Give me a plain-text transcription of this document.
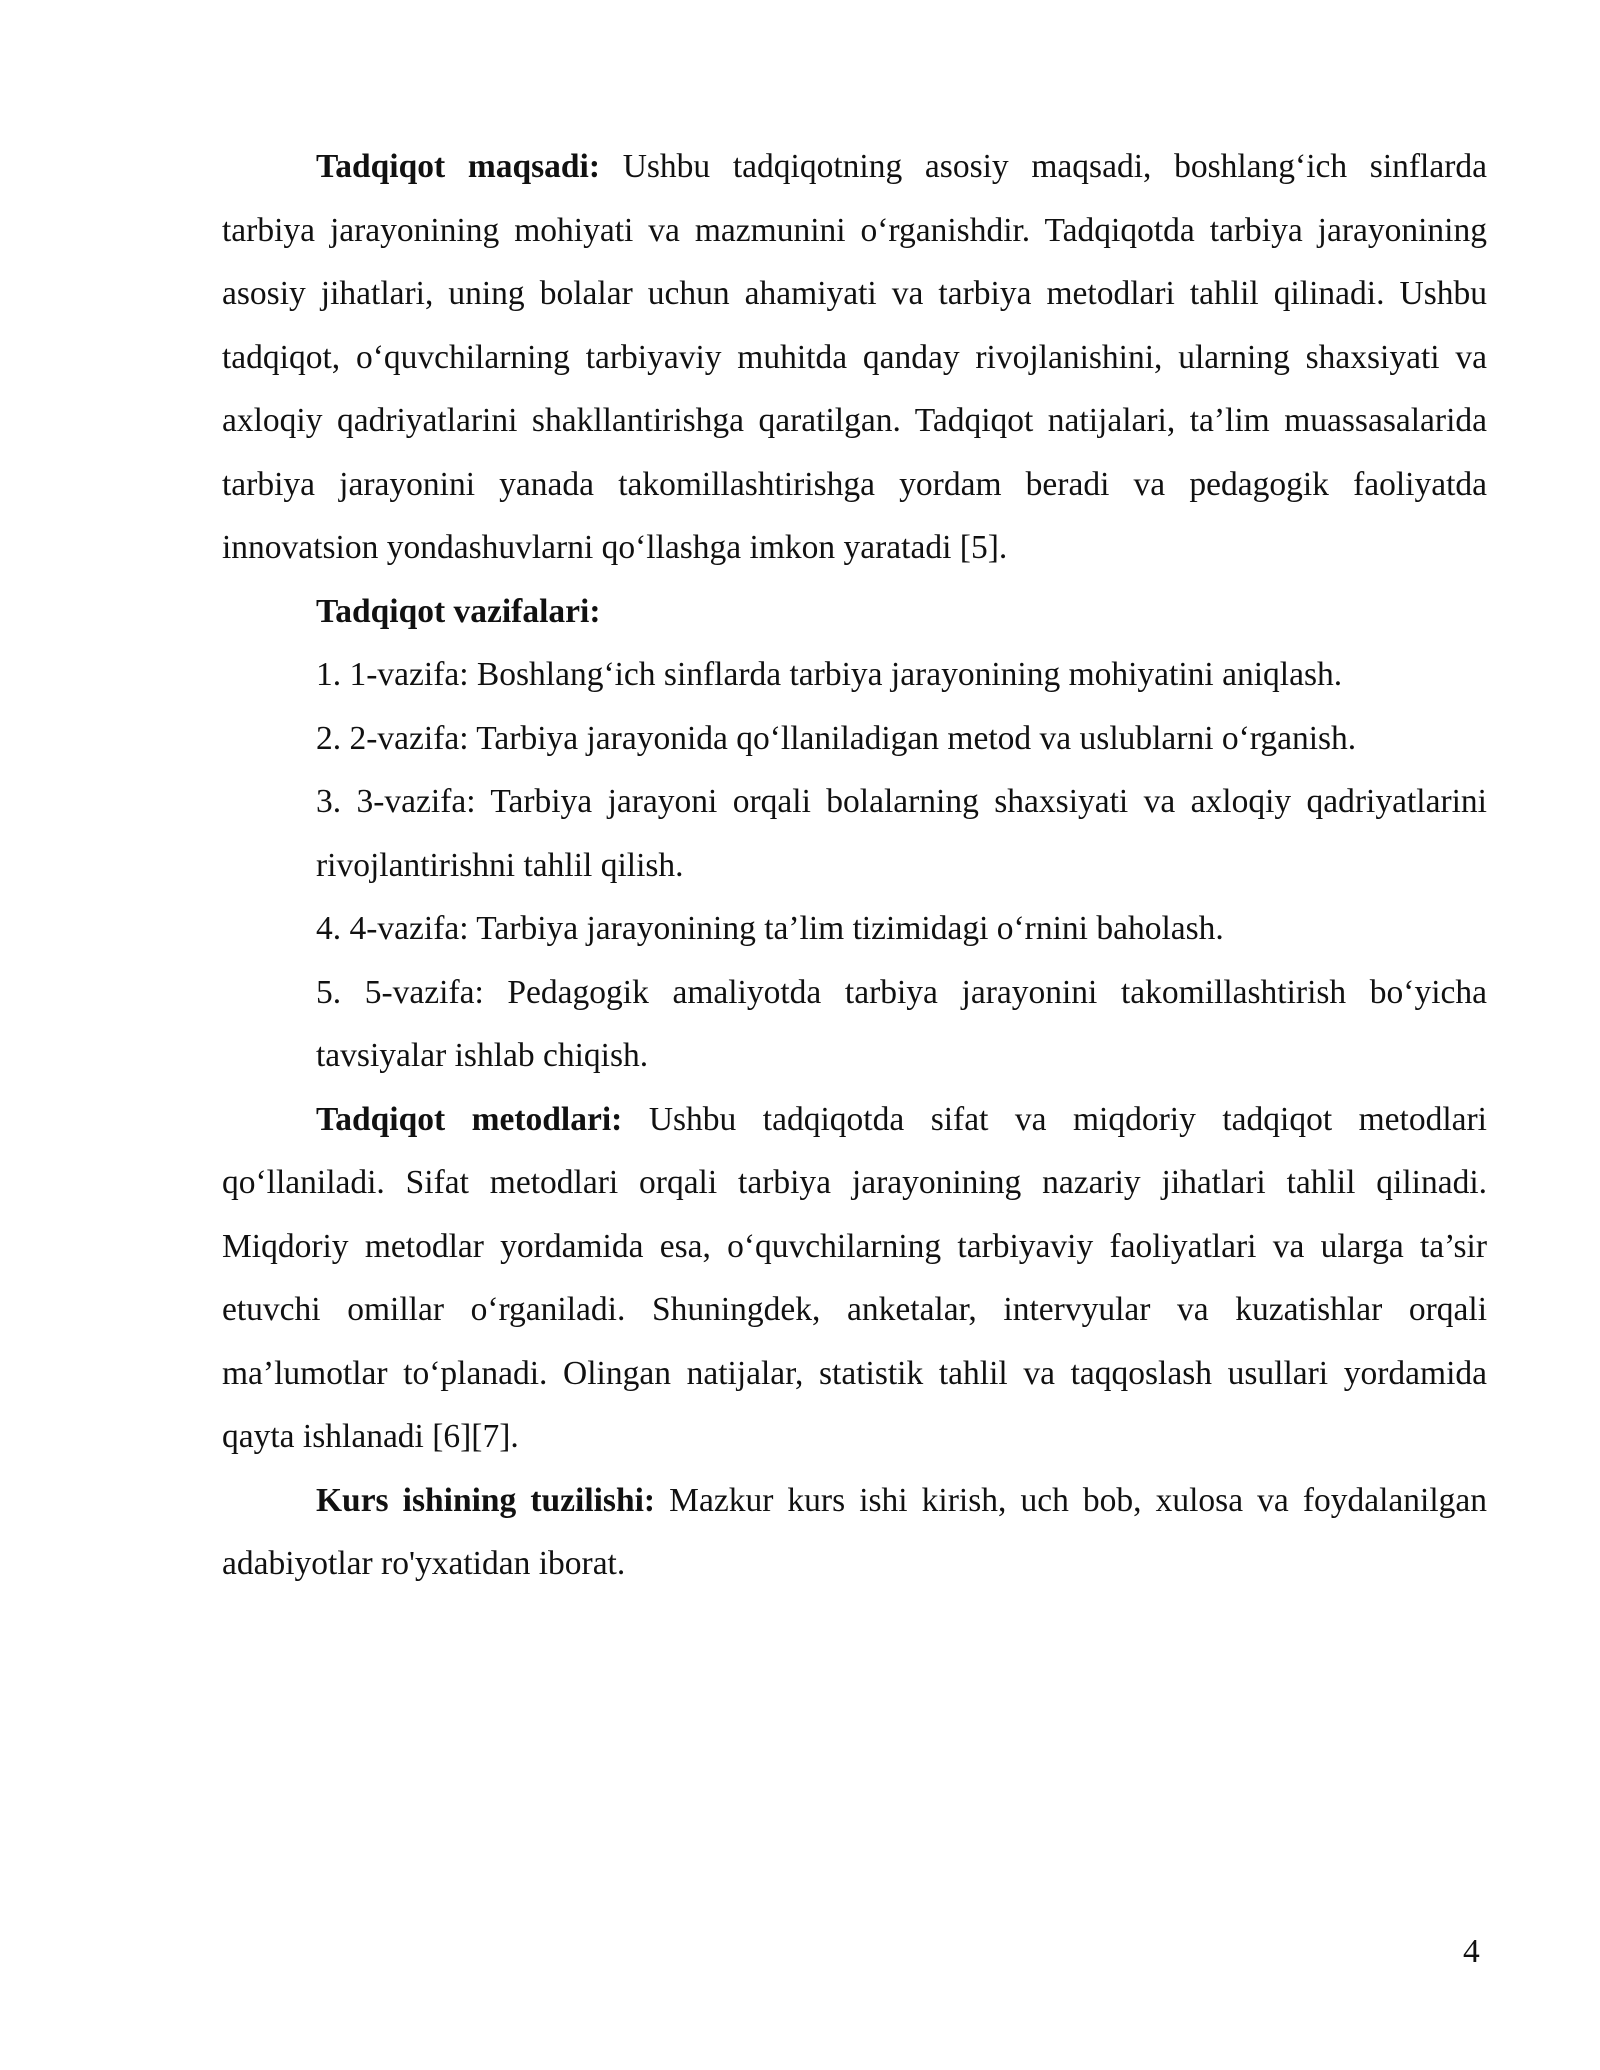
Tadqiqot maqsadi: Ushbu tadqiqotning asosiy maqsadi, boshlang‘ich sinflarda tarbiya jarayonining mohiyati va mazmunini o‘rganishdir. Tadqiqotda tarbiya jarayonining asosiy jihatlari, uning bolalar uchun ahamiyati va tarbiya metodlari tahlil qilinadi. Ushbu tadqiqot, o‘quvchilarning tarbiyaviy muhitda qanday rivojlanishini, ularning shaxsiyati va axloqiy qadriyatlarini shakllantirishga qaratilgan. Tadqiqot natijalari, ta’lim muassasalarida tarbiya jarayonini yanada takomillashtirishga yordam beradi va pedagogik faoliyatda innovatsion yondashuvlarni qo‘llashga imkon yaratadi [5].

Tadqiqot vazifalari:

1. 1-vazifa: Boshlang‘ich sinflarda tarbiya jarayonining mohiyatini aniqlash.

2. 2-vazifa: Tarbiya jarayonida qo‘llaniladigan metod va uslublarni o‘rganish.

3. 3-vazifa: Tarbiya jarayoni orqali bolalarning shaxsiyati va axloqiy qadriyatlarini rivojlantirishni tahlil qilish.

4. 4-vazifa: Tarbiya jarayonining ta’lim tizimidagi o‘rnini baholash.

5. 5-vazifa: Pedagogik amaliyotda tarbiya jarayonini takomillashtirish bo‘yicha tavsiyalar ishlab chiqish.

Tadqiqot metodlari: Ushbu tadqiqotda sifat va miqdoriy tadqiqot metodlari qo‘llaniladi. Sifat metodlari orqali tarbiya jarayonining nazariy jihatlari tahlil qilinadi. Miqdoriy metodlar yordamida esa, o‘quvchilarning tarbiyaviy faoliyatlari va ularga ta’sir etuvchi omillar o‘rganiladi. Shuningdek, anketalar, intervyular va kuzatishlar orqali ma’lumotlar to‘planadi. Olingan natijalar, statistik tahlil va taqqoslash usullari yordamida qayta ishlanadi [6][7].

Kurs ishining tuzilishi: Mazkur kurs ishi kirish, uch bob, xulosa va foydalanilgan adabiyotlar ro'yxatidan iborat.

4
